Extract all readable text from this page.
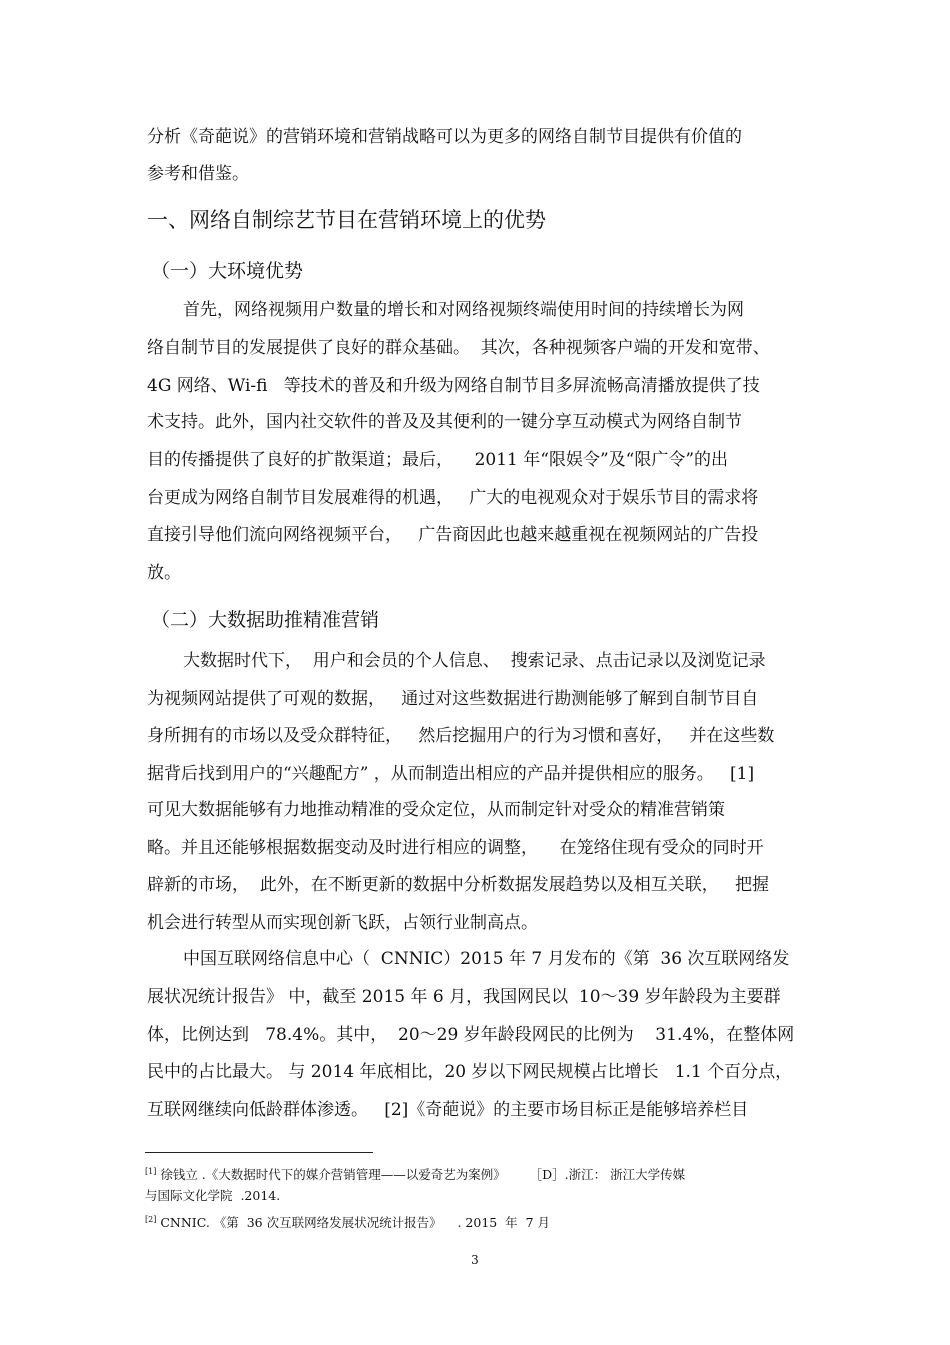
分析《奇葩说》的营销环境和营销战略可以为更多的网络自制节目提供有价值的
参考和借鉴。
一、网络自制综艺节目在营销环境上的优势
（一）大环境优势
首先，网络视频用户数量的增长和对网络视频终端使用时间的持续增长为网
络自制节目的发展提供了良好的群众基础。  其次，各种视频客户端的开发和宽带、
4G 网络、Wi-fi   等技术的普及和升级为网络自制节目多屏流畅高清播放提供了技
术支持。此外，国内社交软件的普及及其便利的一键分享互动模式为网络自制节
目的传播提供了良好的扩散渠道；最后，    2011 年“限娱令”及“限广令”的出
台更成为网络自制节目发展难得的机遇，   广大的电视观众对于娱乐节目的需求将
直接引导他们流向网络视频平台，   广告商因此也越来越重视在视频网站的广告投
放。
（二）大数据助推精准营销
大数据时代下，  用户和会员的个人信息、  搜索记录、点击记录以及浏览记录
为视频网站提供了可观的数据，   通过对这些数据进行勘测能够了解到自制节目自
身所拥有的市场以及受众群特征，   然后挖掘用户的行为习惯和喜好，   并在这些数
据背后找到用户的“兴趣配方” ，从而制造出相应的产品并提供相应的服务。   [1]
可见大数据能够有力地推动精准的受众定位，从而制定针对受众的精准营销策
略。并且还能够根据数据变动及时进行相应的调整，    在笼络住现有受众的同时开
辟新的市场，  此外，在不断更新的数据中分析数据发展趋势以及相互关联，   把握
机会进行转型从而实现创新飞跃，占领行业制高点。
中国互联网络信息中心（  CNNIC）2015 年 7 月发布的《第  36 次互联网络发
展状况统计报告》 中，截至 2015 年 6 月，我国网民以  10～39 岁年龄段为主要群
体，比例达到   78.4%。其中，  20～29 岁年龄段网民的比例为    31.4%，在整体网
民中的占比最大。 与 2014 年底相比，20 岁以下网民规模占比增长   1.1 个百分点，
互联网继续向低龄群体渗透。   [2]《奇葩说》的主要市场目标正是能够培养栏目
[1] 徐钱立 .《大数据时代下的媒介营销管理——以爱奇艺为案例》      ［D］.浙江： 浙江大学传媒
与国际文化学院  .2014.
[2] CNNIC. 《第  36 次互联网络发展状况统计报告》    . 2015  年  7 月
3
